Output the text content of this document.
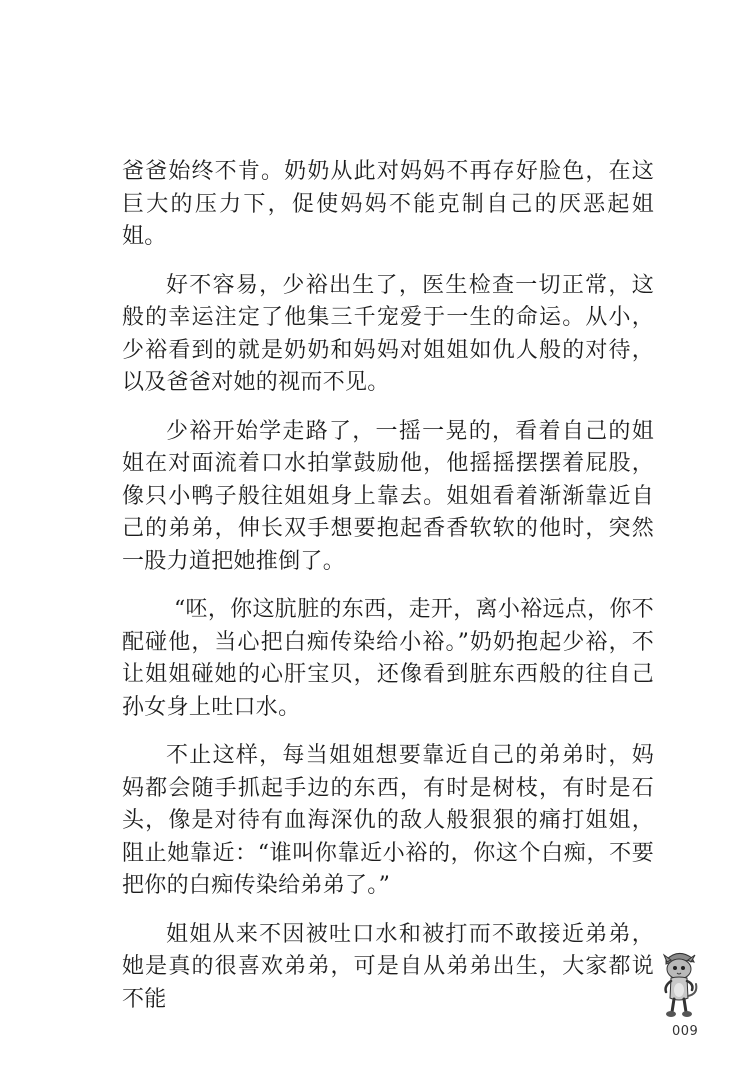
爸爸始终不肯。奶奶从此对妈妈不再存好脸色，在这巨大的压力下，促使妈妈不能克制自己的厌恶起姐姐。

好不容易，少裕出生了，医生检查一切正常，这般的幸运注定了他集三千宠爱于一生的命运。从小，少裕看到的就是奶奶和妈妈对姐姐如仇人般的对待，以及爸爸对她的视而不见。

少裕开始学走路了，一摇一晃的，看着自己的姐姐在对面流着口水拍掌鼓励他，他摇摇摆摆着屁股，像只小鸭子般往姐姐身上靠去。姐姐看着渐渐靠近自己的弟弟，伸长双手想要抱起香香软软的他时，突然一股力道把她推倒了。

“呸，你这肮脏的东西，走开，离小裕远点，你不配碰他，当心把白痴传染给小裕。”奶奶抱起少裕，不让姐姐碰她的心肝宝贝，还像看到脏东西般的往自己孙女身上吐口水。

不止这样，每当姐姐想要靠近自己的弟弟时，妈妈都会随手抓起手边的东西，有时是树枝，有时是石头，像是对待有血海深仇的敌人般狠狠的痛打姐姐，阻止她靠近：“谁叫你靠近小裕的，你这个白痴，不要把你的白痴传染给弟弟了。”

姐姐从来不因被吐口水和被打而不敢接近弟弟，她是真的很喜欢弟弟，可是自从弟弟出生，大家都说不能

009
